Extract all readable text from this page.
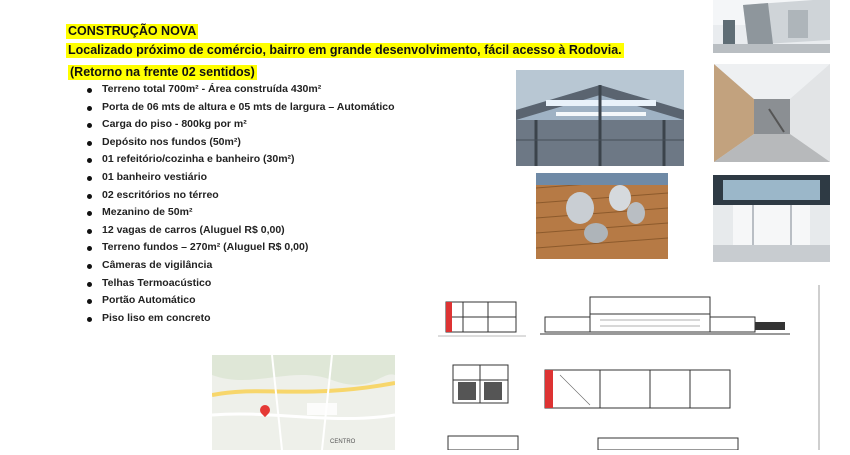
CONSTRUÇÃO NOVA
Localizado próximo de comércio, bairro em grande desenvolvimento, fácil acesso à Rodovia.
(Retorno na frente 02 sentidos)
Terreno total 700m² - Área construída 430m²
Porta de 06 mts de altura e 05 mts de largura – Automático
Carga do piso - 800kg por m²
Depósito nos fundos (50m²)
01 refeitório/cozinha e banheiro (30m²)
01 banheiro vestiário
02 escritórios no térreo
Mezanino de 50m²
12 vagas de carros (Aluguel R$ 0,00)
Terreno fundos – 270m² (Aluguel R$ 0,00)
Câmeras de vigilância
Telhas Termoacústico
Portão Automático
Piso liso em concreto
CENTRO
